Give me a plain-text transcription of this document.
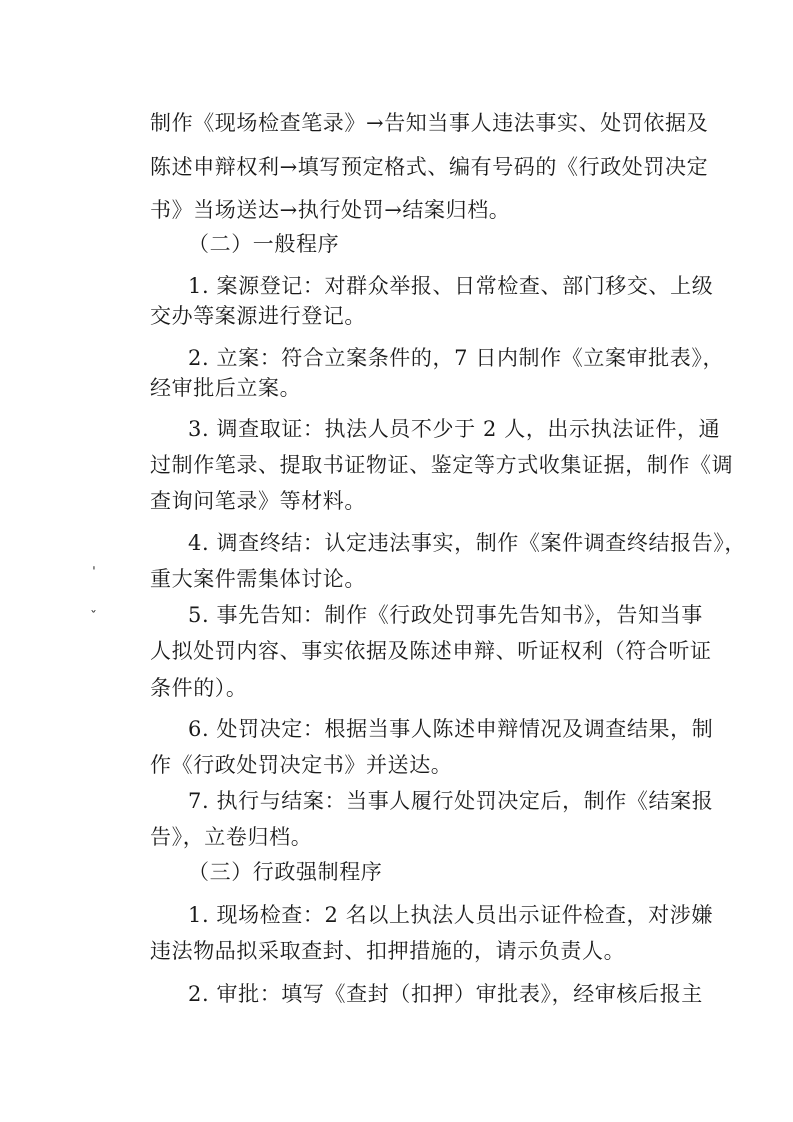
制作《现场检查笔录》→告知当事人违法事实、处罚依据及
陈述申辩权利→填写预定格式、编有号码的《行政处罚决定
书》当场送达→执行处罚→结案归档。
（二）一般程序
1. 案源登记：对群众举报、日常检查、部门移交、上级
交办等案源进行登记。
2. 立案：符合立案条件的，7 日内制作《立案审批表》，
经审批后立案。
3. 调查取证：执法人员不少于 2 人，出示执法证件，通
过制作笔录、提取书证物证、鉴定等方式收集证据，制作《调
查询问笔录》等材料。
4. 调查终结：认定违法事实，制作《案件调查终结报告》，
重大案件需集体讨论。
5. 事先告知：制作《行政处罚事先告知书》，告知当事
人拟处罚内容、事实依据及陈述申辩、听证权利（符合听证
条件的）。
6. 处罚决定：根据当事人陈述申辩情况及调查结果，制
作《行政处罚决定书》并送达。
7. 执行与结案：当事人履行处罚决定后，制作《结案报
告》，立卷归档。
（三）行政强制程序
1. 现场检查：2 名以上执法人员出示证件检查，对涉嫌
违法物品拟采取查封、扣押措施的，请示负责人。
2. 审批：填写《查封（扣押）审批表》，经审核后报主
ˈ
ˇ
